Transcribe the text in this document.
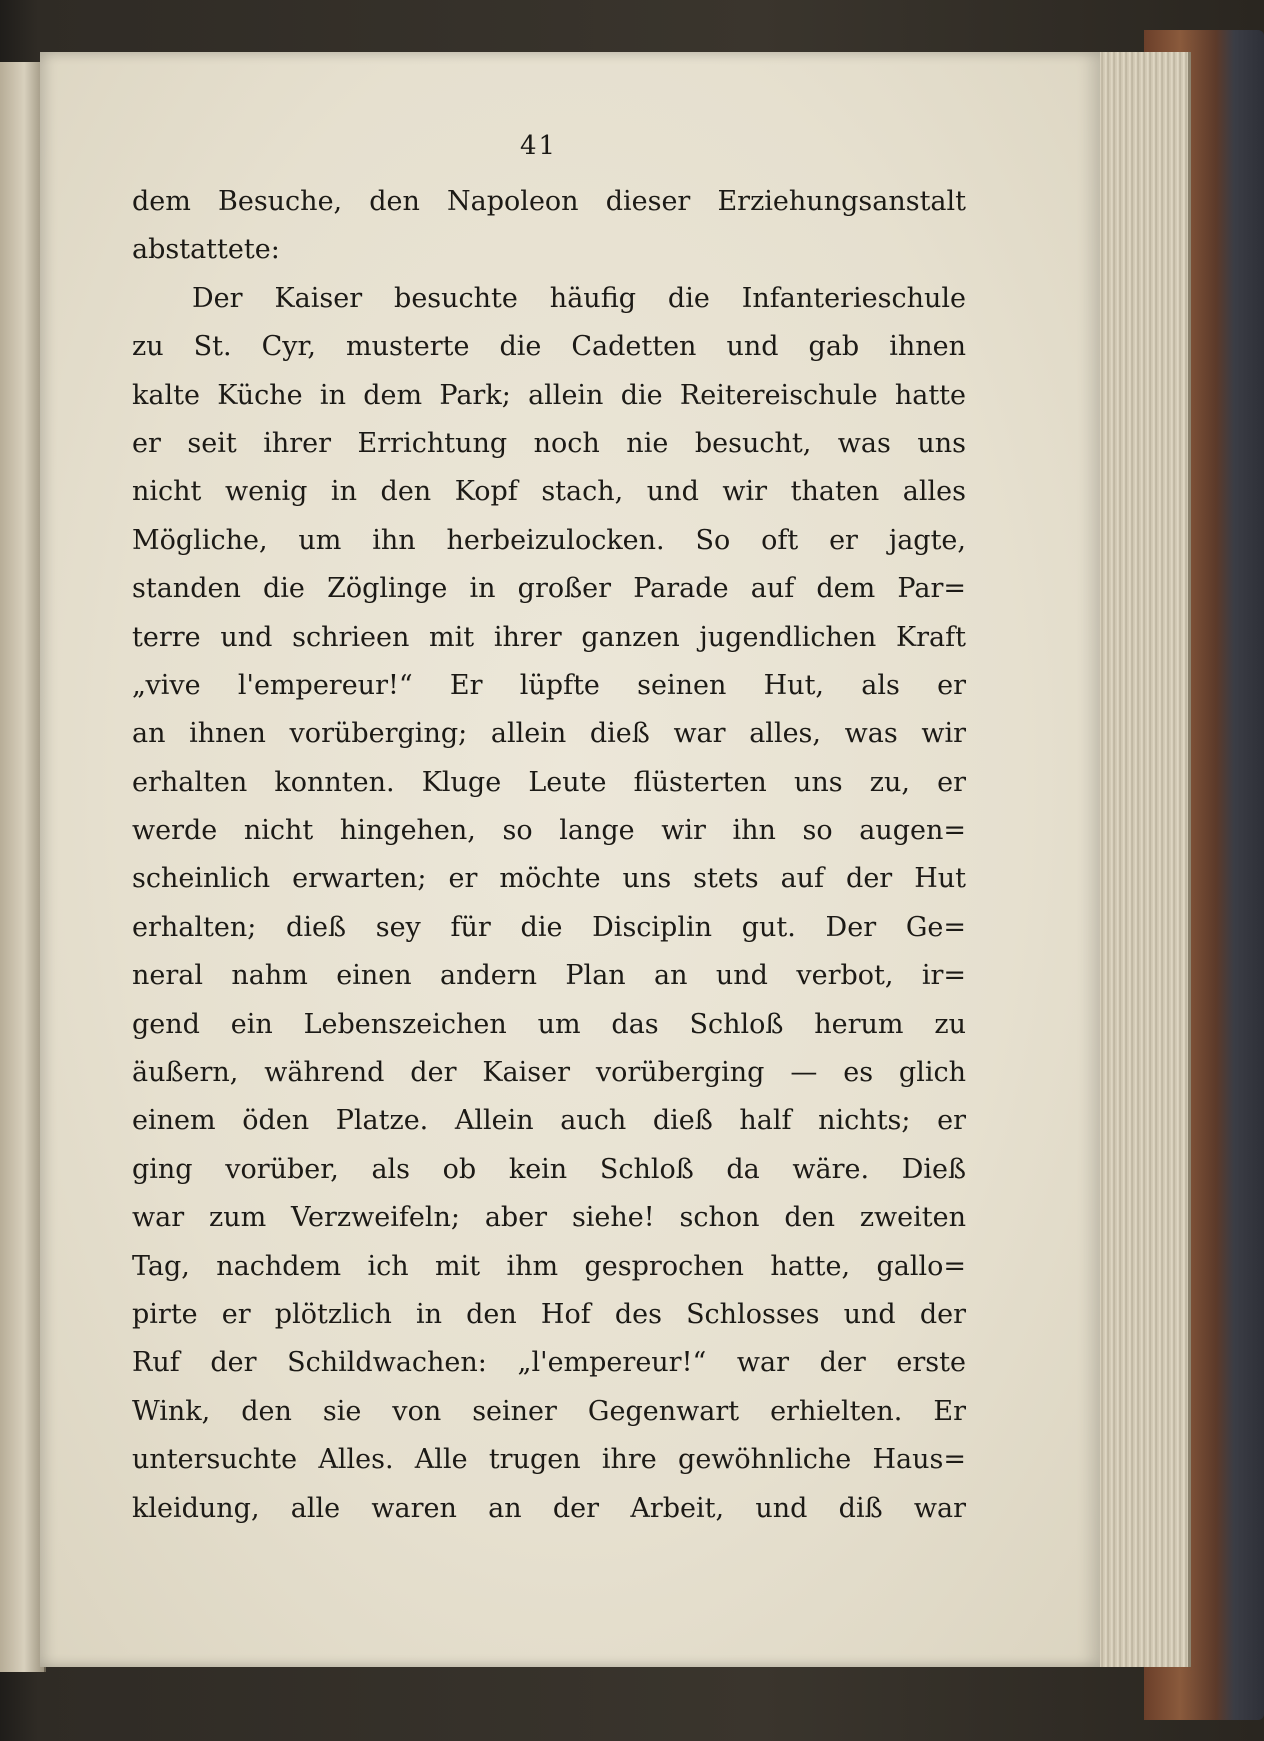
41
dem Besuche, den Napoleon dieser Erziehungsanstalt
abstattete:
Der Kaiser besuchte häufig die Infanterieschule
zu St. Cyr, musterte die Cadetten und gab ihnen
kalte Küche in dem Park; allein die Reitereischule hatte
er seit ihrer Errichtung noch nie besucht, was uns
nicht wenig in den Kopf stach, und wir thaten alles
Mögliche, um ihn herbeizulocken. So oft er jagte,
standen die Zöglinge in großer Parade auf dem Par=
terre und schrieen mit ihrer ganzen jugendlichen Kraft
„vive l'empereur!“ Er lüpfte seinen Hut, als er
an ihnen vorüberging; allein dieß war alles, was wir
erhalten konnten. Kluge Leute flüsterten uns zu, er
werde nicht hingehen, so lange wir ihn so augen=
scheinlich erwarten; er möchte uns stets auf der Hut
erhalten; dieß sey für die Disciplin gut. Der Ge=
neral nahm einen andern Plan an und verbot, ir=
gend ein Lebenszeichen um das Schloß herum zu
äußern, während der Kaiser vorüberging — es glich
einem öden Platze. Allein auch dieß half nichts; er
ging vorüber, als ob kein Schloß da wäre. Dieß
war zum Verzweifeln; aber siehe! schon den zweiten
Tag, nachdem ich mit ihm gesprochen hatte, gallo=
pirte er plötzlich in den Hof des Schlosses und der
Ruf der Schildwachen: „l'empereur!“ war der erste
Wink, den sie von seiner Gegenwart erhielten. Er
untersuchte Alles. Alle trugen ihre gewöhnliche Haus=
kleidung, alle waren an der Arbeit, und diß war
